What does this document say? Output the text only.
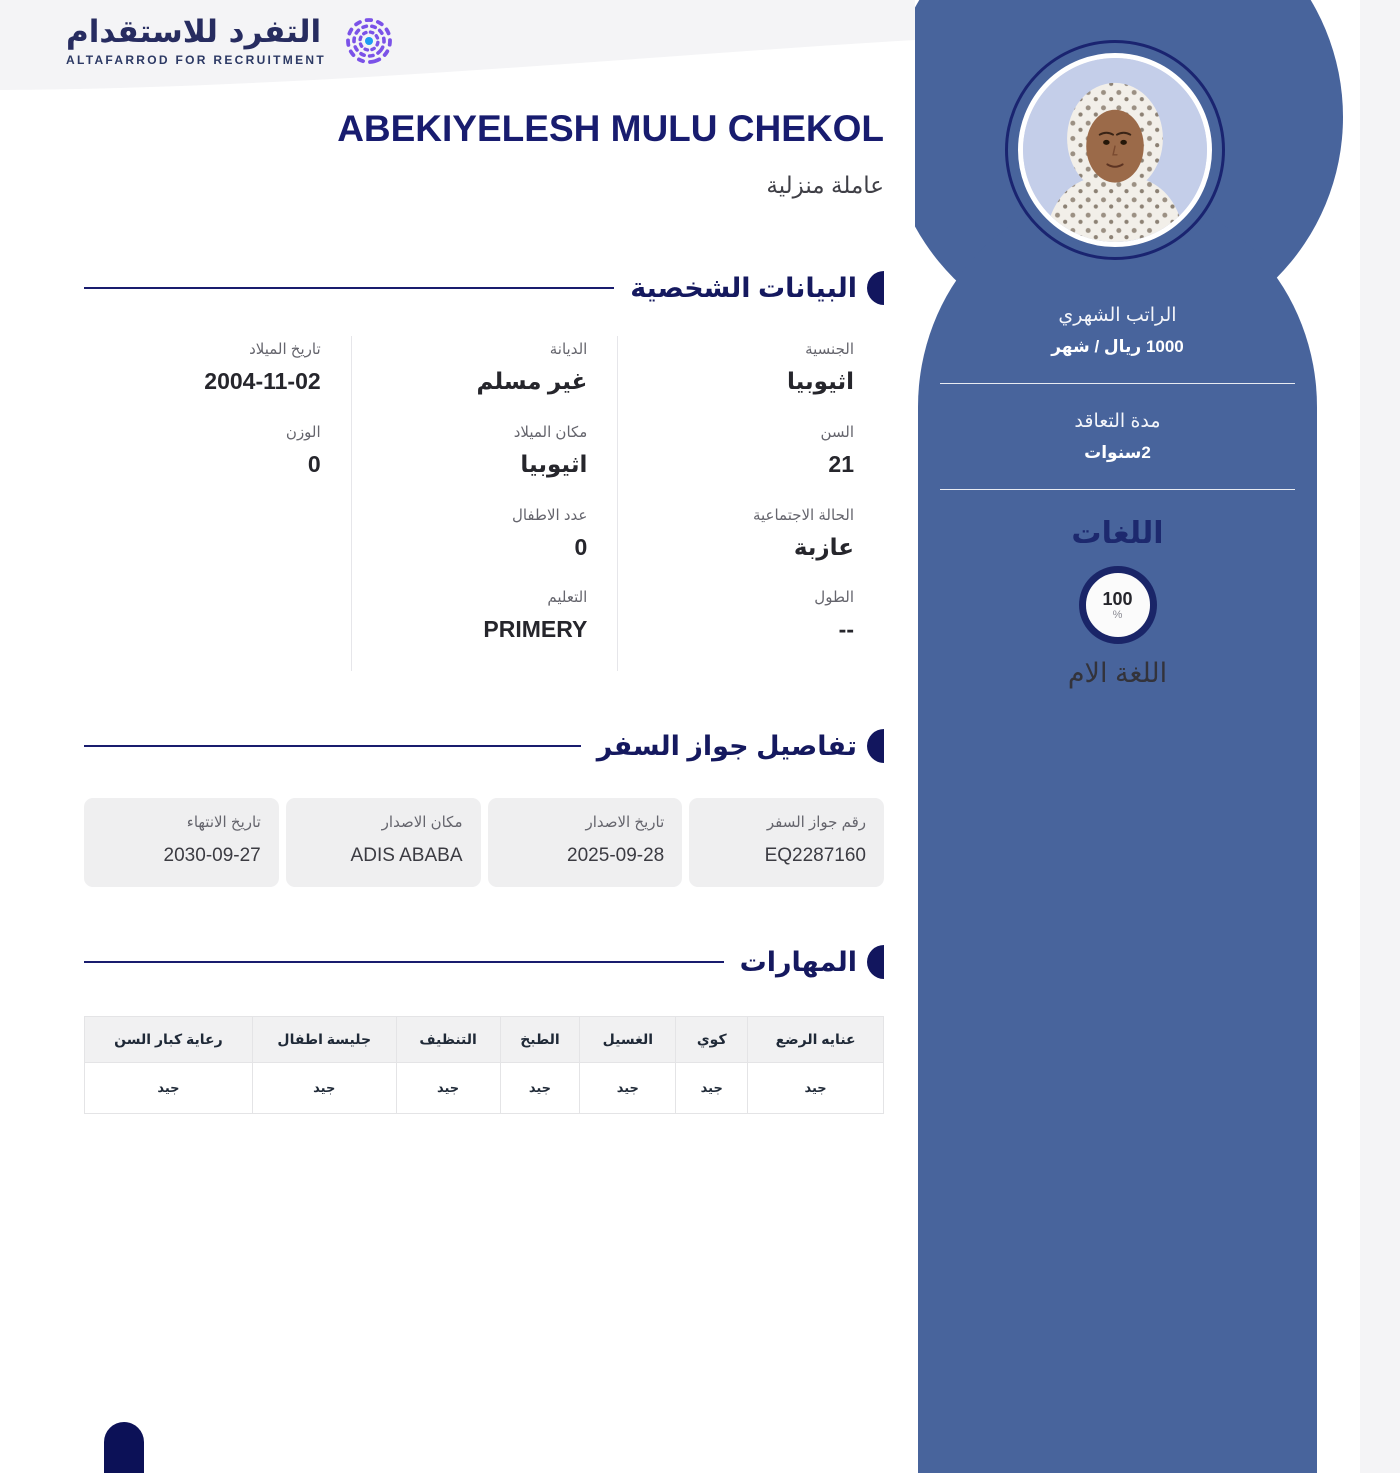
التفرد للاستقدام
ALTAFARROD FOR RECRUITMENT
ABEKIYELESH MULU CHEKOL
عاملة منزلية
البيانات الشخصية
الجنسية
اثيوبيا
السن
21
الحالة الاجتماعية
عازبة
الطول
--
الديانة
غير مسلم
مكان الميلاد
اثيوبيا
عدد الاطفال
0
التعليم
PRIMERY
تاريخ الميلاد
2004-11-02
الوزن
0
تفاصيل جواز السفر
رقم جواز السفر
EQ2287160
تاريخ الاصدار
2025-09-28
مكان الاصدار
ADIS ABABA
تاريخ الانتهاء
2030-09-27
المهارات
عنايه الرضع	كوي	الغسيل	الطبخ	التنظيف	جليسة اطفال	رعاية كبار السن
جيد	جيد	جيد	جيد	جيد	جيد	جيد
الراتب الشهري
1000 ريال / شهر
مدة التعاقد
2سنوات
اللغات
100
%
اللغة الام
